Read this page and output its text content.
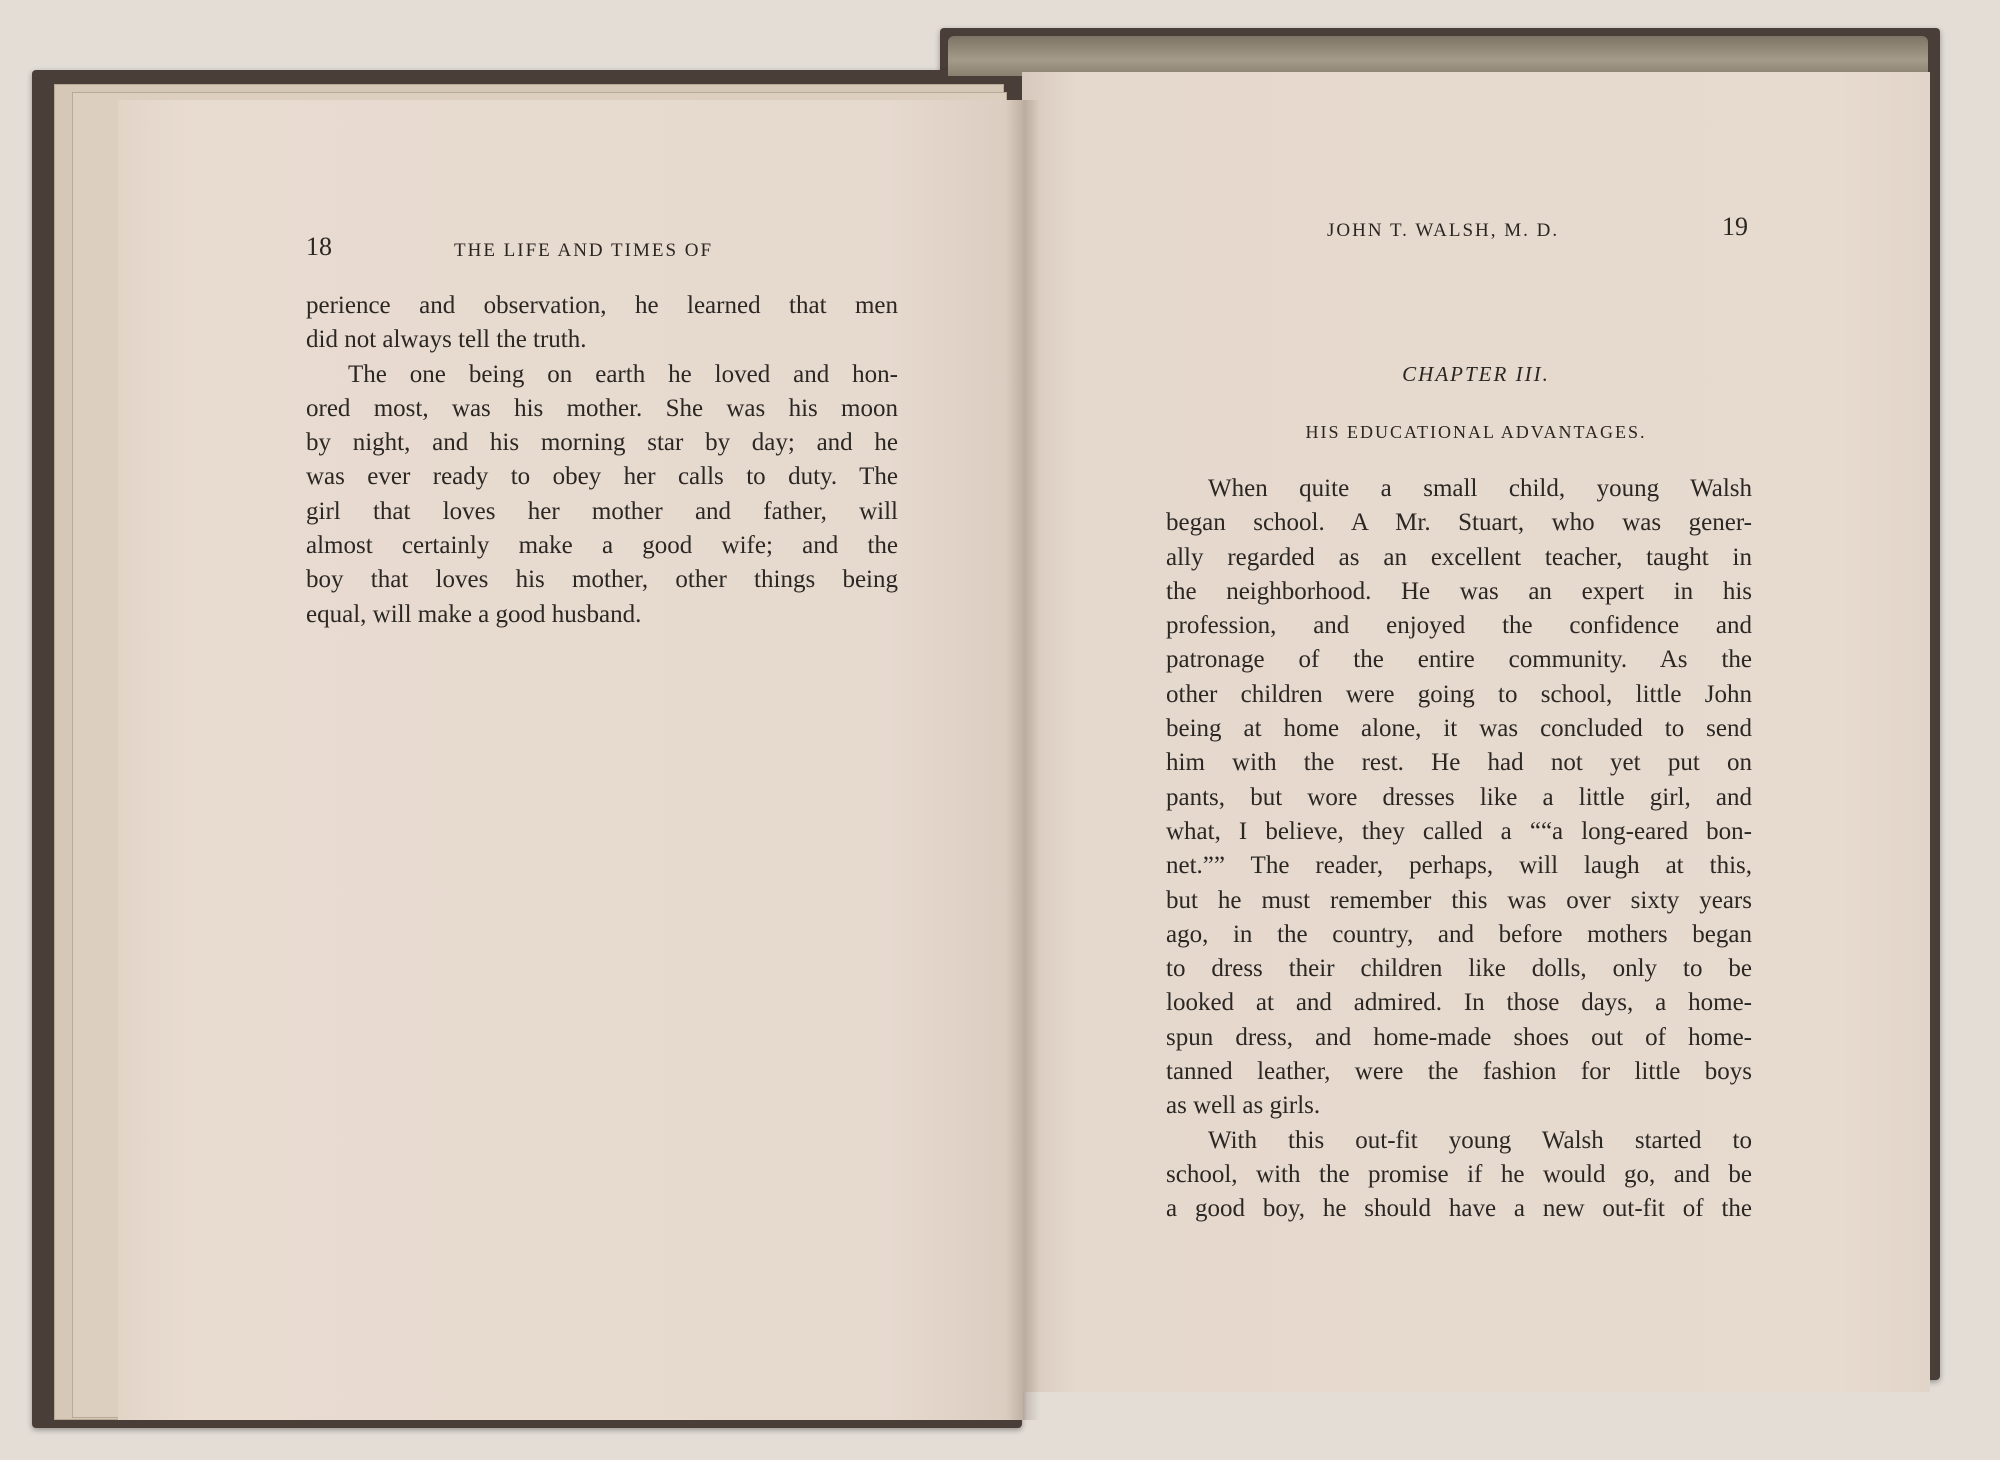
18	THE LIFE AND TIMES OF
perience and observation, he learned that men
did not always tell the truth.
The one being on earth he loved and hon-
ored most, was his mother. She was his moon
by night, and his morning star by day; and he
was ever ready to obey her calls to duty. The
girl that loves her mother and father, will
almost certainly make a good wife; and the
boy that loves his mother, other things being
equal, will make a good husband.
JOHN T. WALSH, M. D.	19
CHAPTER III.
HIS EDUCATIONAL ADVANTAGES.
When quite a small child, young Walsh
began school. A Mr. Stuart, who was gener-
ally regarded as an excellent teacher, taught in
the neighborhood. He was an expert in his
profession, and enjoyed the confidence and
patronage of the entire community. As the
other children were going to school, little John
being at home alone, it was concluded to send
him with the rest. He had not yet put on
pants, but wore dresses like a little girl, and
what, I believe, they called a ““a long-eared bon-
net.”” The reader, perhaps, will laugh at this,
but he must remember this was over sixty years
ago, in the country, and before mothers began
to dress their children like dolls, only to be
looked at and admired. In those days, a home-
spun dress, and home-made shoes out of home-
tanned leather, were the fashion for little boys
as well as girls.
With this out-fit young Walsh started to
school, with the promise if he would go, and be
a good boy, he should have a new out-fit of the
